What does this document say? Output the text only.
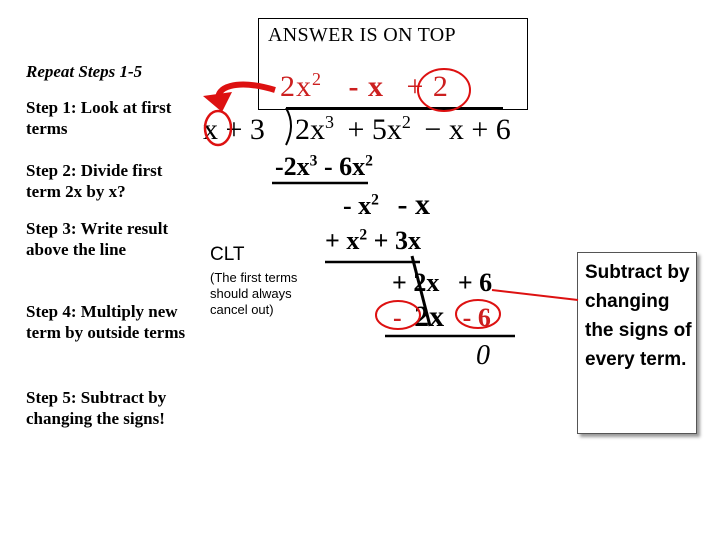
ANSWER IS ON TOP
Repeat Steps 1-5
Step 1: Look at first terms
Step 2: Divide first term 2x by x?
Step 3: Write result above the line
Step 4: Multiply new term by outside terms
Step 5: Subtract by changing the signs!
$2x^2 - x + 2$
x + 3 $2x^3 + 5x^2 - x + 6$
$-2x^3 - 6x^2$
- $x^2$ - x
+ $x^2 + 3x$
+ 2x + 6
- 2x - 6
0
CLT
(The first terms should always cancel out)
Subtract by changing the signs of every term.
